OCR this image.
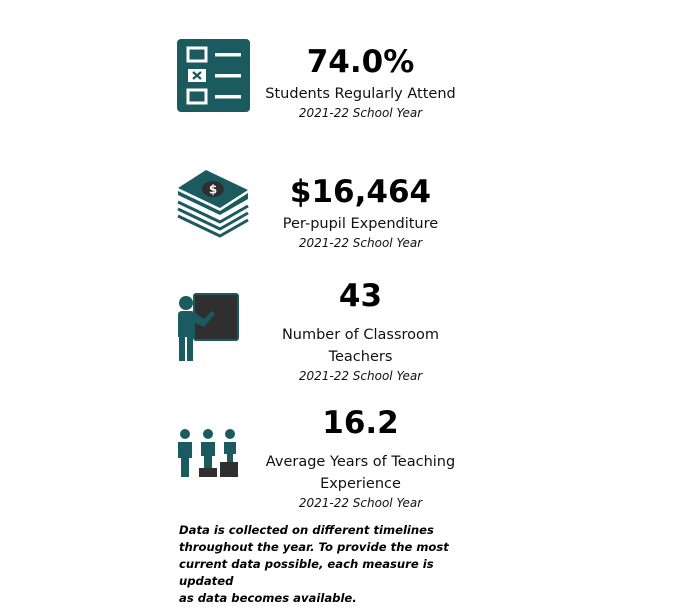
74.0%
Students Regularly Attend
2021-22 School Year
$	$16,464
Per-pupil Expenditure
2021-22 School Year
43
Number of Classroom
Teachers
2021-22 School Year
16.2
Average Years of Teaching
Experience
2021-22 School Year
Data is collected on different timelines
throughout the year. To provide the most
current data possible, each measure is updated
as data becomes available.
